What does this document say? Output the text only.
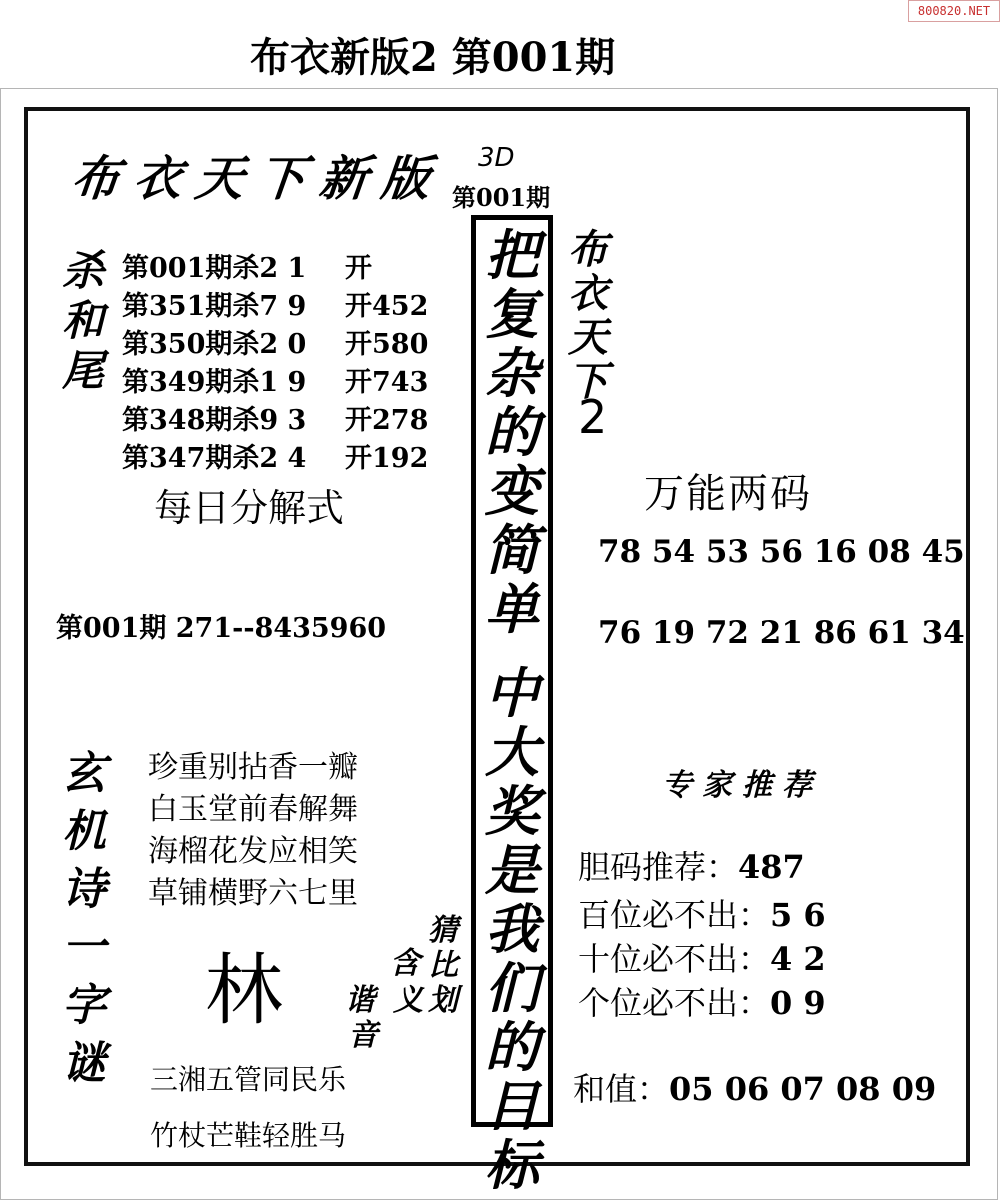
布衣新版2 第001期
800820.NET
布衣天下新版 3D
第001期
杀
和
尾
第001期杀2 1 开
第351期杀7 9 开452
第350期杀2 0 开580
第349期杀1 9 开743
第348期杀9 3 开278
第347期杀2 4 开192
每日分解式
第001期 271--8435960
把
复
杂
的
变
简
单
中
大
奖
是
我
们
的
目
标
布
衣
天
下
2
万能两码
78 54 53 56 16 08 45
76 19 72 21 86 61 34
玄
机
诗
一
字
谜
珍重别拈香一瓣
白玉堂前春解舞
海榴花发应相笑
草铺横野六七里
林
猜
比
划
含
义
谐
音
三湘五管同民乐
竹杖芒鞋轻胜马
专家推荐
胆码推荐：487
百位必不出：5 6
十位必不出：4 2
个位必不出：0 9
和值：05 06 07 08 09
